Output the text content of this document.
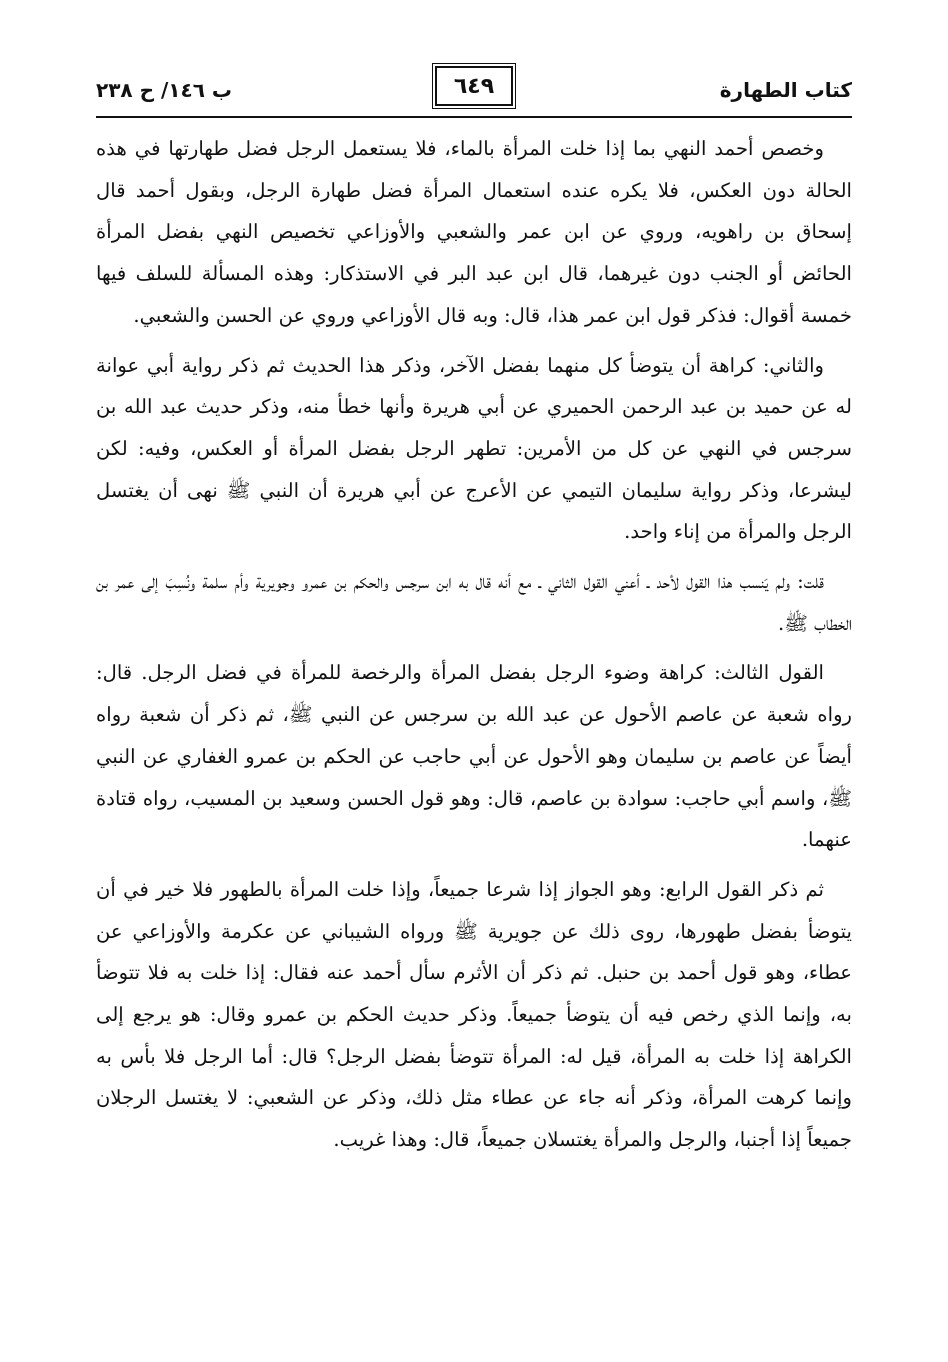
كتاب الطهارة
٦٤٩
ب ١٤٦/ ح ٢٣٨

وخصص أحمد النهي بما إذا خلت المرأة بالماء، فلا يستعمل الرجل فضل طهارتها في هذه الحالة دون العكس، فلا يكره عنده استعمال المرأة فضل طهارة الرجل، وبقول أحمد قال إسحاق بن راهويه، وروي عن ابن عمر والشعبي والأوزاعي تخصيص النهي بفضل المرأة الحائض أو الجنب دون غيرهما، قال ابن عبد البر في الاستذكار: وهذه المسألة للسلف فيها خمسة أقوال: فذكر قول ابن عمر هذا، قال: وبه قال الأوزاعي وروي عن الحسن والشعبي.

والثاني: كراهة أن يتوضأ كل منهما بفضل الآخر، وذكر هذا الحديث ثم ذكر رواية أبي عوانة له عن حميد بن عبد الرحمن الحميري عن أبي هريرة وأنها خطأ منه، وذكر حديث عبد الله بن سرجس في النهي عن كل من الأمرين: تطهر الرجل بفضل المرأة أو العكس، وفيه: لكن ليشرعا، وذكر رواية سليمان التيمي عن الأعرج عن أبي هريرة أن النبي ﷺ نهى أن يغتسل الرجل والمرأة من إناء واحد.

قلت: ولم يَنسب هذا القول لأحد ـ أعني القول الثاني ـ مع أنه قال به ابن سرجس والحكم بن عمرو وجويرية وأم سلمة ونُسِبَ إلى عمر بن الخطاب ﷺ.

القول الثالث: كراهة وضوء الرجل بفضل المرأة والرخصة للمرأة في فضل الرجل. قال: رواه شعبة عن عاصم الأحول عن عبد الله بن سرجس عن النبي ﷺ، ثم ذكر أن شعبة رواه أيضاً عن عاصم بن سليمان وهو الأحول عن أبي حاجب عن الحكم بن عمرو الغفاري عن النبي ﷺ، واسم أبي حاجب: سوادة بن عاصم، قال: وهو قول الحسن وسعيد بن المسيب، رواه قتادة عنهما.

ثم ذكر القول الرابع: وهو الجواز إذا شرعا جميعاً، وإذا خلت المرأة بالطهور فلا خير في أن يتوضأ بفضل طهورها، روى ذلك عن جويرية ﷺ ورواه الشيباني عن عكرمة والأوزاعي عن عطاء، وهو قول أحمد بن حنبل. ثم ذكر أن الأثرم سأل أحمد عنه فقال: إذا خلت به فلا تتوضأ به، وإنما الذي رخص فيه أن يتوضأ جميعاً. وذكر حديث الحكم بن عمرو وقال: هو يرجع إلى الكراهة إذا خلت به المرأة، قيل له: المرأة تتوضأ بفضل الرجل؟ قال: أما الرجل فلا بأس به وإنما كرهت المرأة، وذكر أنه جاء عن عطاء مثل ذلك، وذكر عن الشعبي: لا يغتسل الرجلان جميعاً إذا أجنبا، والرجل والمرأة يغتسلان جميعاً، قال: وهذا غريب.
